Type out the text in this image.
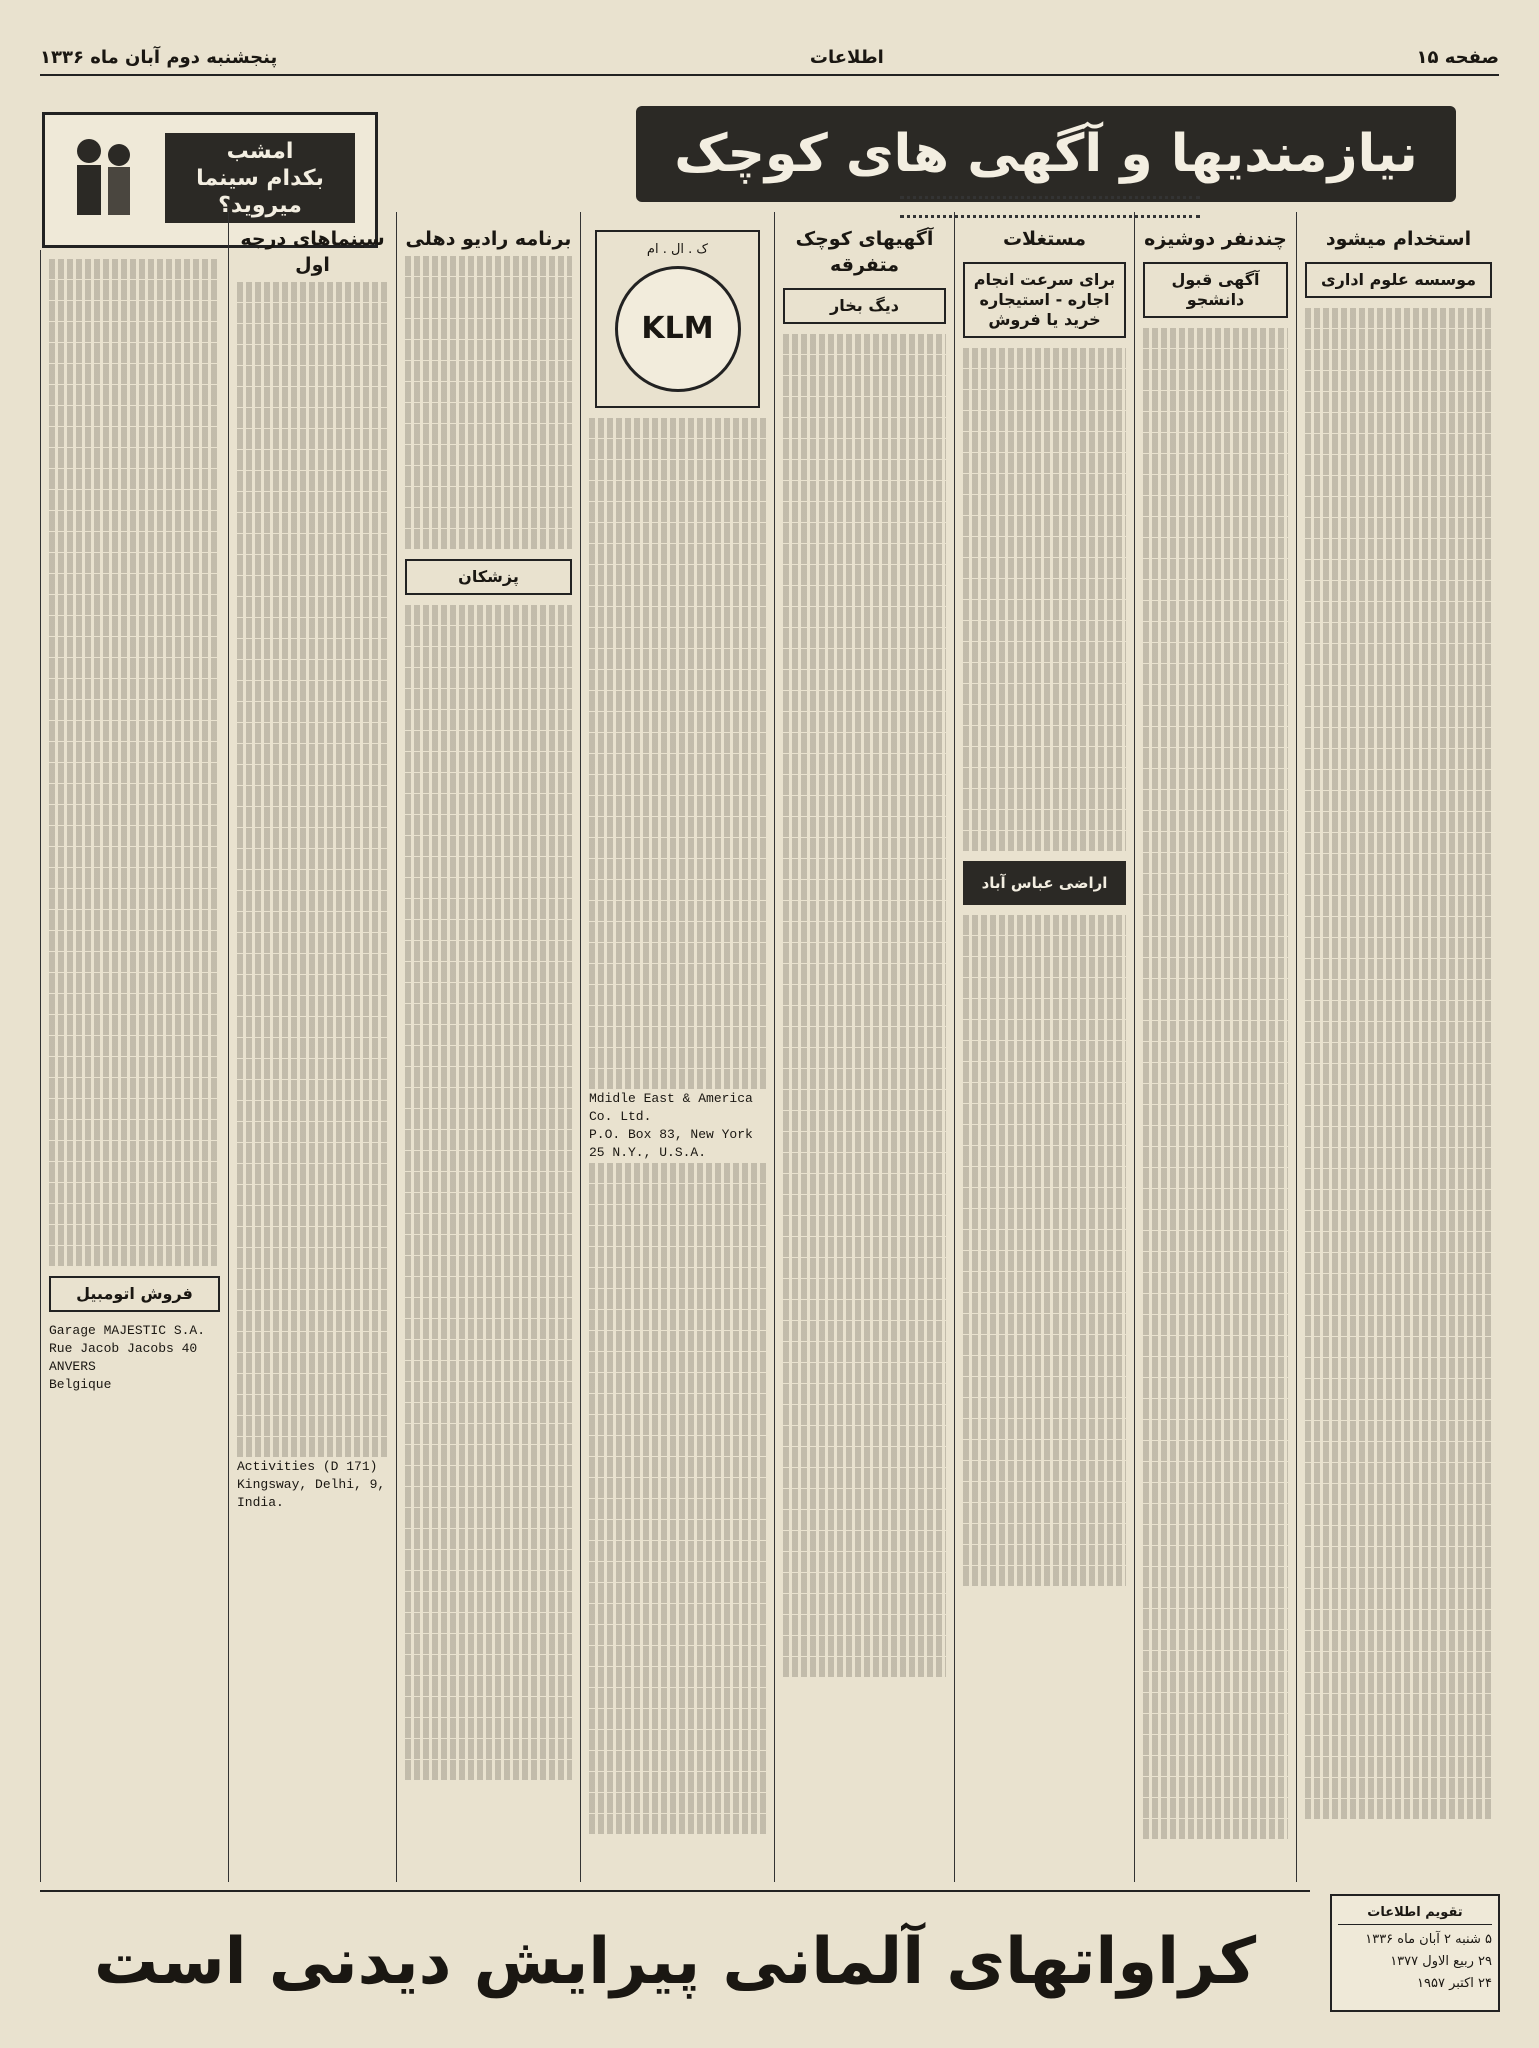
صفحه ۱۵
اطلاعات
پنجشنبه دوم آبان ماه ۱۳۳۶
نیازمندیها و آگهی های کوچک
امشب
بکدام سینما
میروید؟
استخدام میشود
موسسه علوم اداری
چندنفر دوشیزه
آگهی قبول دانشجو
مستغلات
برای سرعت انجام اجاره - استیجاره خرید یا فروش
اراضی عباس آباد
آگهیهای کوچک متفرقه
دیگ بخار
ک . ال . ام
KLM
Mdidle East & America
Co. Ltd.
P.O. Box 83, New York
25 N.Y., U.S.A.
برنامه رادیو دهلی
پزشکان
سینماهای درجه اول
Activities (D 171)
Kingsway, Delhi, 9, India.
فروش اتومبیل
Garage MAJESTIC S.A.
Rue Jacob Jacobs 40
ANVERS
Belgique
کراواتهای آلمانی پیرایش دیدنی است
تقویم اطلاعات
۵ شنبه ۲ آبان ماه ۱۳۳۶
۲۹ ربیع الاول ۱۳۷۷
۲۴ اکتبر ۱۹۵۷
